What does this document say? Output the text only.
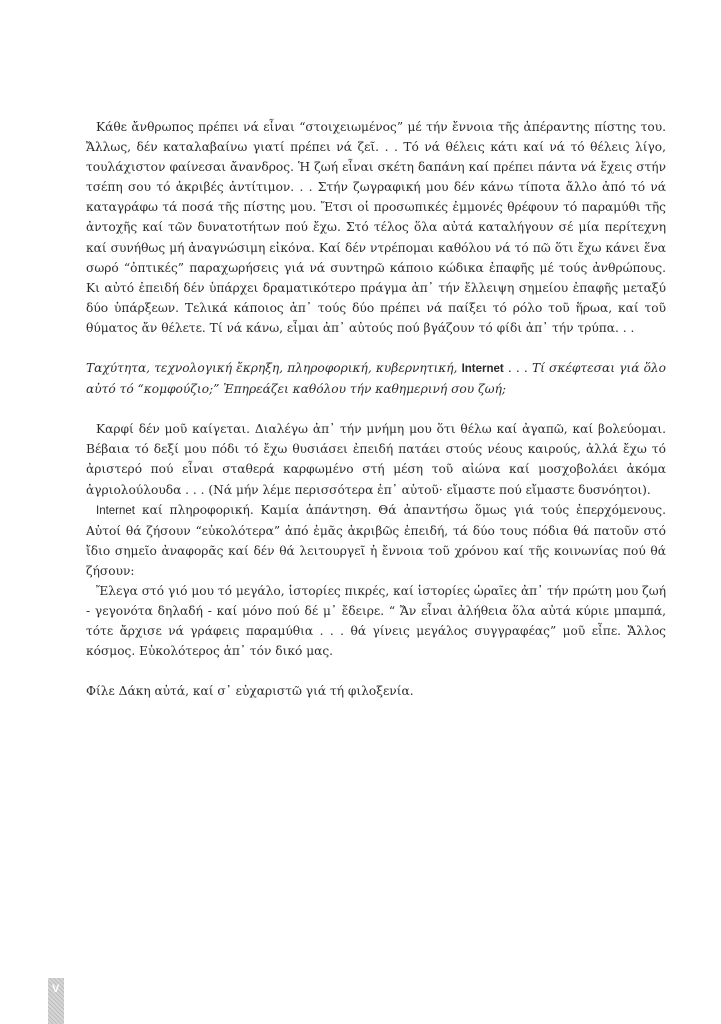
Κάθε ἄνθρωπος πρέπει νά εἶναι “στοιχειωμένος” μέ τήν ἔννοια τῆς ἀπέραντης πίστης του. Ἄλλως, δέν καταλαβαίνω γιατί πρέπει νά ζεῖ. . . Τό νά θέλεις κάτι καί νά τό θέλεις λίγο, τουλάχιστον φαίνεσαι ἄνανδρος. Ἡ ζωή εἶναι σκέτη δαπάνη καί πρέπει πάντα νά ἔχεις στήν τσέπη σου τό ἀκριβές ἀντίτιμον. . . Στήν ζωγραφική μου δέν κάνω τίποτα ἄλλο ἀπό τό νά καταγράφω τά ποσά τῆς πίστης μου. Ἔτσι οἱ προσωπικές ἐμμονές θρέφουν τό παραμύθι τῆς ἀντοχῆς καί τῶν δυνατοτήτων πού ἔχω. Στό τέλος ὅλα αὐτά καταλήγουν σέ μία περίτεχνη καί συνήθως μή ἀναγνώσιμη εἰκόνα. Καί δέν ντρέπομαι καθόλου νά τό πῶ ὅτι ἔχω κάνει ἕνα σωρό “ὀπτικές” παραχωρήσεις γιά νά συντηρῶ κάποιο κώδικα ἐπαφῆς μέ τούς ἀνθρώπους. Κι αὐτό ἐπειδή δέν ὑπάρχει δραματικότερο πράγμα ἀπ᾽ τήν ἔλλειψη σημείου ἐπαφῆς μεταξύ δύο ὑπάρξεων. Τελικά κάποιος ἀπ᾽ τούς δύο πρέπει νά παίξει τό ρόλο τοῦ ἥρωα, καί τοῦ θύματος ἄν θέλετε. Τί νά κάνω, εἶμαι ἀπ᾽ αὐτούς πού βγάζουν τό φίδι ἀπ᾽ τήν τρύπα. . .

Ταχύτητα, τεχνολογική ἔκρηξη, πληροφορική, κυβερνητική, Internet . . . Τί σκέφτεσαι γιά ὅλο αὐτό τό “κομφούζιο;” Ἐπηρεάζει καθόλου τήν καθημερινή σου ζωή;

Καρφί δέν μοῦ καίγεται. Διαλέγω ἀπ᾽ τήν μνήμη μου ὅτι θέλω καί ἀγαπῶ, καί βολεύομαι. Βέβαια τό δεξί μου πόδι τό ἔχω θυσιάσει ἐπειδή πατάει στούς νέους καιρούς, ἀλλά ἔχω τό ἀριστερό πού εἶναι σταθερά καρφωμένο στή μέση τοῦ αἰώνα καί μοσχοβολάει ἀκόμα ἀγριολούλουδα . . . (Νά μήν λέμε περισσότερα ἐπ᾽ αὐτοῦ· εἴμαστε πού εἴμαστε δυσνόητοι).

Internet καί πληροφορική. Καμία ἀπάντηση. Θά ἀπαντήσω ὅμως γιά τούς ἐπερχόμενους. Αὐτοί θά ζήσουν “εὐκολότερα” ἀπό ἐμᾶς ἀκριβῶς ἐπειδή, τά δύο τους πόδια θά πατοῦν στό ἴδιο σημεῖο ἀναφορᾶς καί δέν θά λειτουργεῖ ἡ ἔννοια τοῦ χρόνου καί τῆς κοινωνίας πού θά ζήσουν:

Ἔλεγα στό γιό μου τό μεγάλο, ἱστορίες πικρές, καί ἱστορίες ὡραῖες ἀπ᾽ τήν πρώτη μου ζωή - γεγονότα δηλαδή - καί μόνο πού δέ μ᾽ ἔδειρε. “ Ἄν εἶναι ἀλήθεια ὅλα αὐτά κύριε μπαμπά, τότε ἄρχισε νά γράφεις παραμύθια . . . θά γίνεις μεγάλος συγγραφέας” μοῦ εἶπε. Ἄλλος κόσμος. Εὐκολότερος ἀπ᾽ τόν δικό μας.

Φίλε Δάκη αὐτά, καί σ᾽ εὐχαριστῶ γιά τή φιλοξενία.

V
